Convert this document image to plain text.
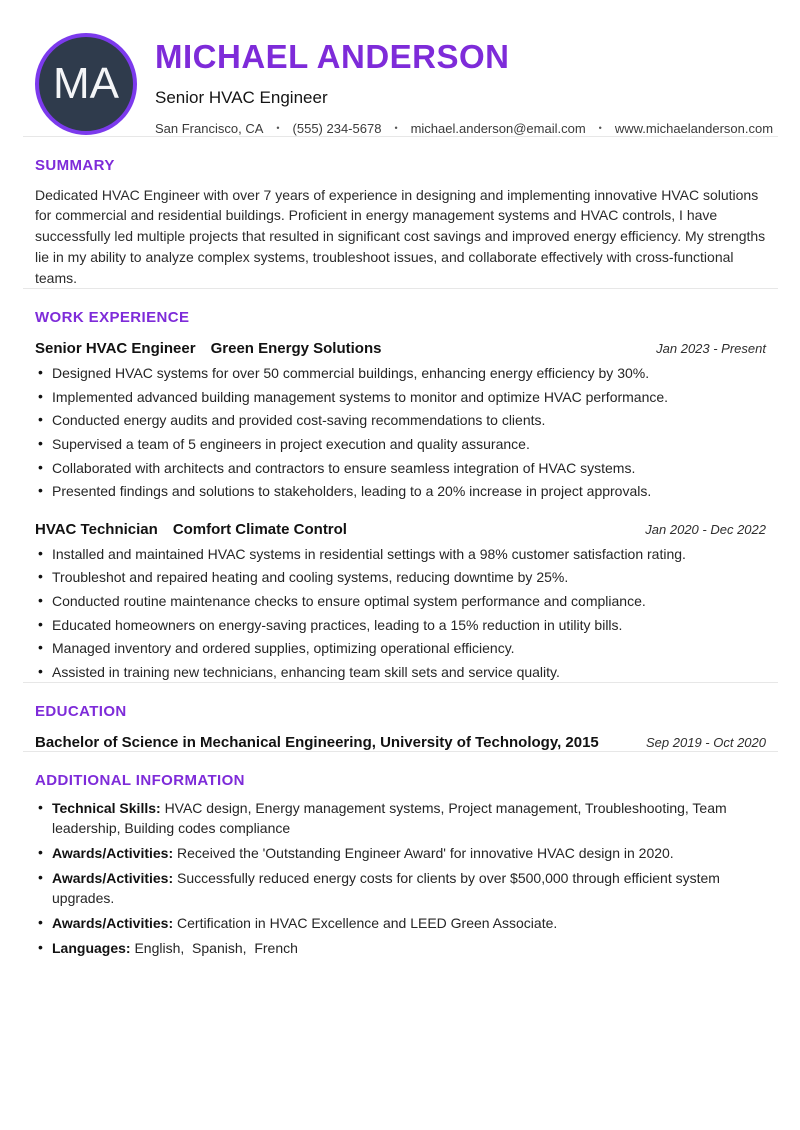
MA
MICHAEL ANDERSON
Senior HVAC Engineer
San Francisco, CA • (555) 234-5678 • michael.anderson@email.com • www.michaelanderson.com
SUMMARY

Dedicated HVAC Engineer with over 7 years of experience in designing and implementing innovative HVAC solutions for commercial and residential buildings. Proficient in energy management systems and HVAC controls, I have successfully led multiple projects that resulted in significant cost savings and improved energy efficiency. My strengths lie in my ability to analyze complex systems, troubleshoot issues, and collaborate effectively with cross-functional teams.

WORK EXPERIENCE
Senior HVAC Engineer Green Energy Solutions	Jan 2023 - Present
• Designed HVAC systems for over 50 commercial buildings, enhancing energy efficiency by 30%.
• Implemented advanced building management systems to monitor and optimize HVAC performance.
• Conducted energy audits and provided cost-saving recommendations to clients.
• Supervised a team of 5 engineers in project execution and quality assurance.
• Collaborated with architects and contractors to ensure seamless integration of HVAC systems.
• Presented findings and solutions to stakeholders, leading to a 20% increase in project approvals.
HVAC Technician Comfort Climate Control	Jan 2020 - Dec 2022
• Installed and maintained HVAC systems in residential settings with a 98% customer satisfaction rating.
• Troubleshot and repaired heating and cooling systems, reducing downtime by 25%.
• Conducted routine maintenance checks to ensure optimal system performance and compliance.
• Educated homeowners on energy-saving practices, leading to a 15% reduction in utility bills.
• Managed inventory and ordered supplies, optimizing operational efficiency.
• Assisted in training new technicians, enhancing team skill sets and service quality.
EDUCATION
Bachelor of Science in Mechanical Engineering, University of Technology, 2015	Sep 2019 - Oct 2020
ADDITIONAL INFORMATION
• Technical Skills: HVAC design, Energy management systems, Project management, Troubleshooting, Team leadership, Building codes compliance
• Awards/Activities: Received the 'Outstanding Engineer Award' for innovative HVAC design in 2020.
• Awards/Activities: Successfully reduced energy costs for clients by over $500,000 through efficient system upgrades.
• Awards/Activities: Certification in HVAC Excellence and LEED Green Associate.
• Languages: English,  Spanish,  French
